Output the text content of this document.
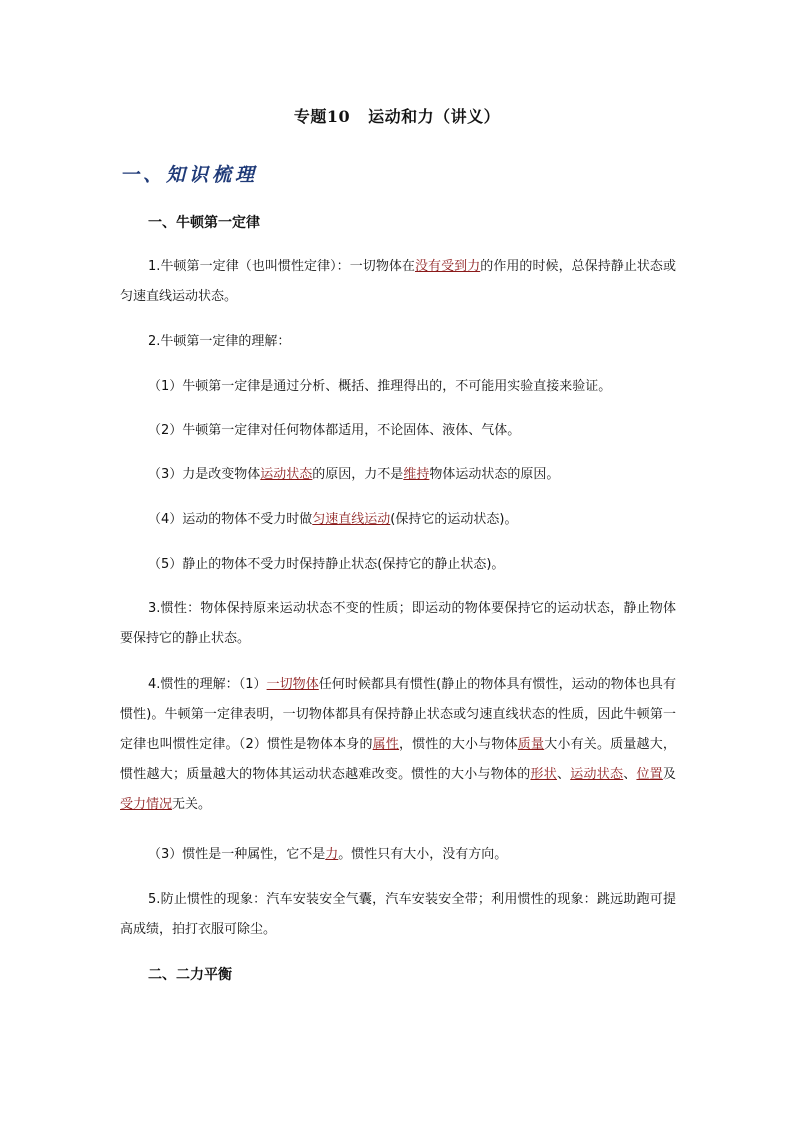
专题10 运动和力（讲义）
一、知识梳理
一、牛顿第一定律
1.牛顿第一定律（也叫惯性定律）：一切物体在没有受到力的作用的时候，总保持静止状态或匀速直线运动状态。
2.牛顿第一定律的理解：
（1）牛顿第一定律是通过分析、概括、推理得出的，不可能用实验直接来验证。
（2）牛顿第一定律对任何物体都适用，不论固体、液体、气体。
（3）力是改变物体运动状态的原因，力不是维持物体运动状态的原因。
（4）运动的物体不受力时做匀速直线运动(保持它的运动状态)。
（5）静止的物体不受力时保持静止状态(保持它的静止状态)。
3.惯性：物体保持原来运动状态不变的性质；即运动的物体要保持它的运动状态，静止物体要保持它的静止状态。
4.惯性的理解：（1）一切物体任何时候都具有惯性(静止的物体具有惯性，运动的物体也具有惯性)。牛顿第一定律表明，一切物体都具有保持静止状态或匀速直线状态的性质，因此牛顿第一定律也叫惯性定律。（2）惯性是物体本身的属性，惯性的大小与物体质量大小有关。质量越大，惯性越大；质量越大的物体其运动状态越难改变。惯性的大小与物体的形状、运动状态、位置及受力情况无关。
（3）惯性是一种属性，它不是力。惯性只有大小，没有方向。
5.防止惯性的现象：汽车安装安全气囊，汽车安装安全带；利用惯性的现象：跳远助跑可提高成绩，拍打衣服可除尘。
二、二力平衡
